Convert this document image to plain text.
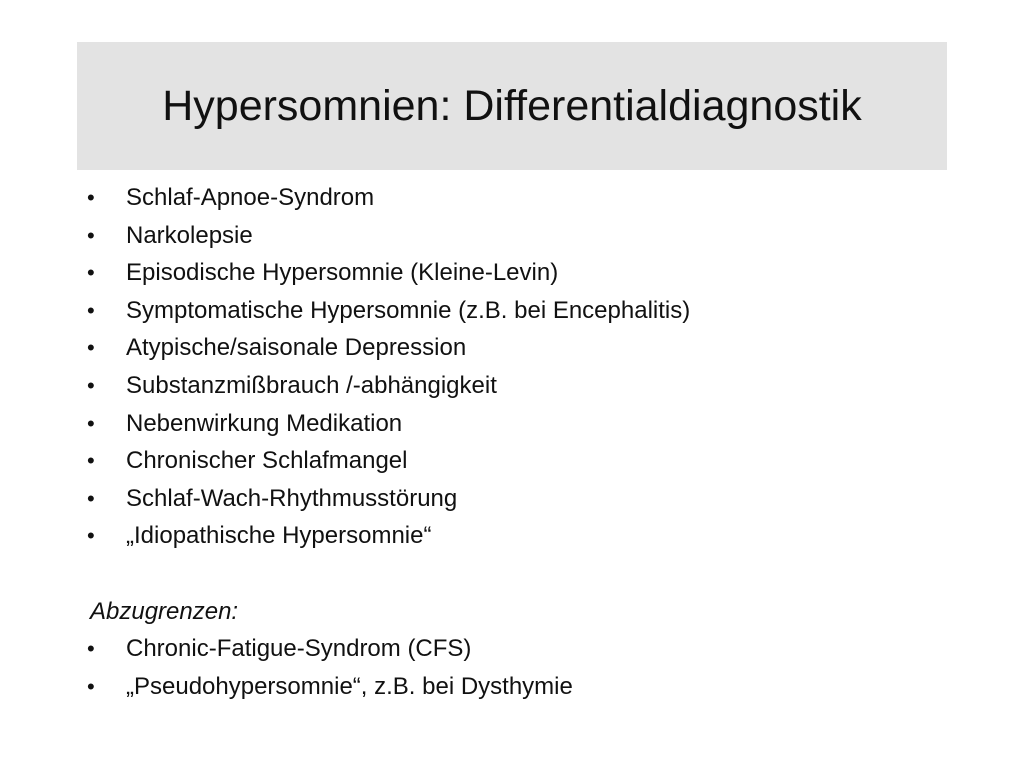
Hypersomnien: Differentialdiagnostik
• Schlaf-Apnoe-Syndrom
• Narkolepsie
• Episodische Hypersomnie (Kleine-Levin)
• Symptomatische Hypersomnie (z.B. bei Encephalitis)
• Atypische/saisonale Depression
• Substanzmißbrauch /-abhängigkeit
• Nebenwirkung Medikation
• Chronischer Schlafmangel
• Schlaf-Wach-Rhythmusstörung
• „Idiopathische Hypersomnie“
Abzugrenzen:
• Chronic-Fatigue-Syndrom (CFS)
• „Pseudohypersomnie“, z.B. bei Dysthymie
